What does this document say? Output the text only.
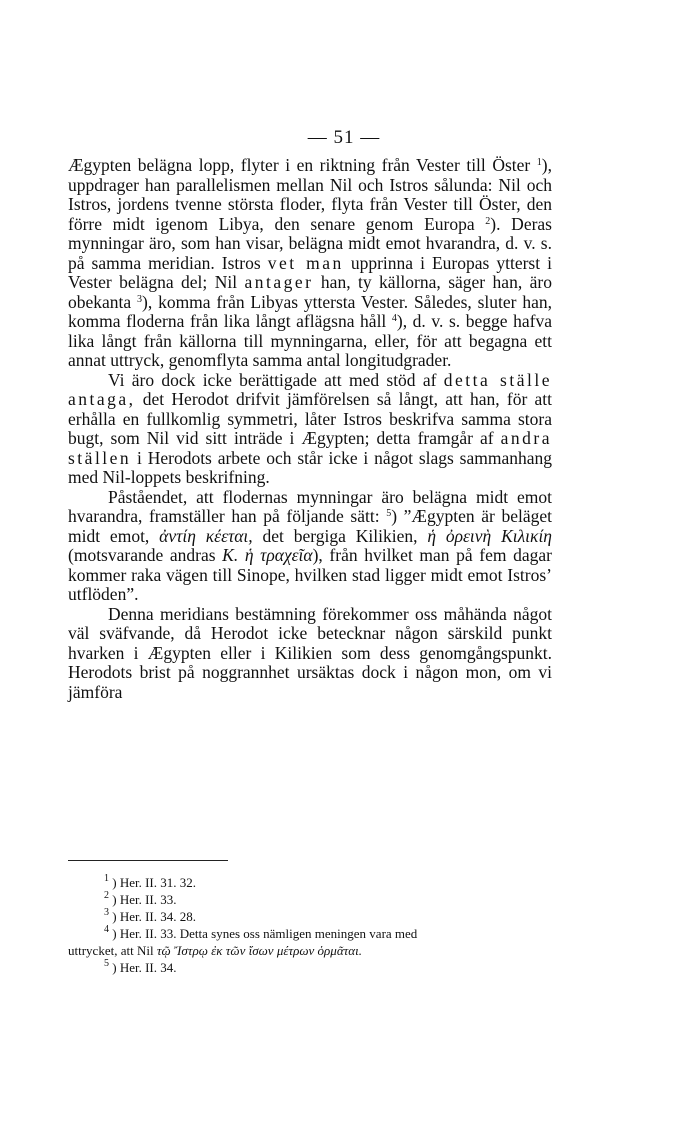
— 51 —

Ægypten belägna lopp, flyter i en riktning från Vester till Öster $^1$), uppdrager han parallelismen mellan Nil och Istros sålunda: Nil och Istros, jordens tvenne största floder, flyta från Vester till Öster, den förre midt igenom Libya, den senare genom Europa $^2$). Deras mynningar äro, som han visar, belägna midt emot hvarandra, d. v. s. på samma meridian. Istros vet man upprinna i Europas ytterst i Vester belägna del; Nil antager han, ty källorna, säger han, äro obekanta $^3$), komma från Libyas yttersta Vester. Således, sluter han, komma floderna från lika långt aflägsna håll $^4$), d. v. s. begge hafva lika långt från källorna till mynningarna, eller, för att begagna ett annat uttryck, genomflyta samma antal longitudgrader.

Vi äro dock icke berättigade att med stöd af detta ställe antaga, det Herodot drifvit jämförelsen så långt, att han, för att erhålla en fullkomlig symmetri, låter Istros beskrifva samma stora bugt, som Nil vid sitt inträde i Ægypten; detta framgår af andra ställen i Herodots arbete och står icke i något slags sammanhang med Nil-loppets beskrifning.

Påståendet, att flodernas mynningar äro belägna midt emot hvarandra, framställer han på följande sätt: $^5$) ”Ægypten är beläget midt emot, ἀντίη κέεται, det bergiga Kilikien, ἡ ὀρεινὴ Κιλικίη (motsvarande andras Κ. ἡ τραχεῖα), från hvilket man på fem dagar kommer raka vägen till Sinope, hvilken stad ligger midt emot Istros’ utflöden”.

Denna meridians bestämning förekommer oss måhända något väl sväfvande, då Herodot icke betecknar någon särskild punkt hvarken i Ægypten eller i Kilikien som dess genomgångspunkt. Herodots brist på noggrannhet ursäktas dock i någon mon, om vi jämföra

$^1$ ) Her. II. 31. 32.
$^2$ ) Her. II. 33.
$^3$ ) Her. II. 34. 28.
$^4$ ) Her. II. 33. Detta synes oss nämligen meningen vara med
uttrycket, att Nil τῷ Ἴστρῳ ἐκ τῶν ἴσων μέτρων ὁρμᾶται.
$^5$ ) Her. II. 34.
